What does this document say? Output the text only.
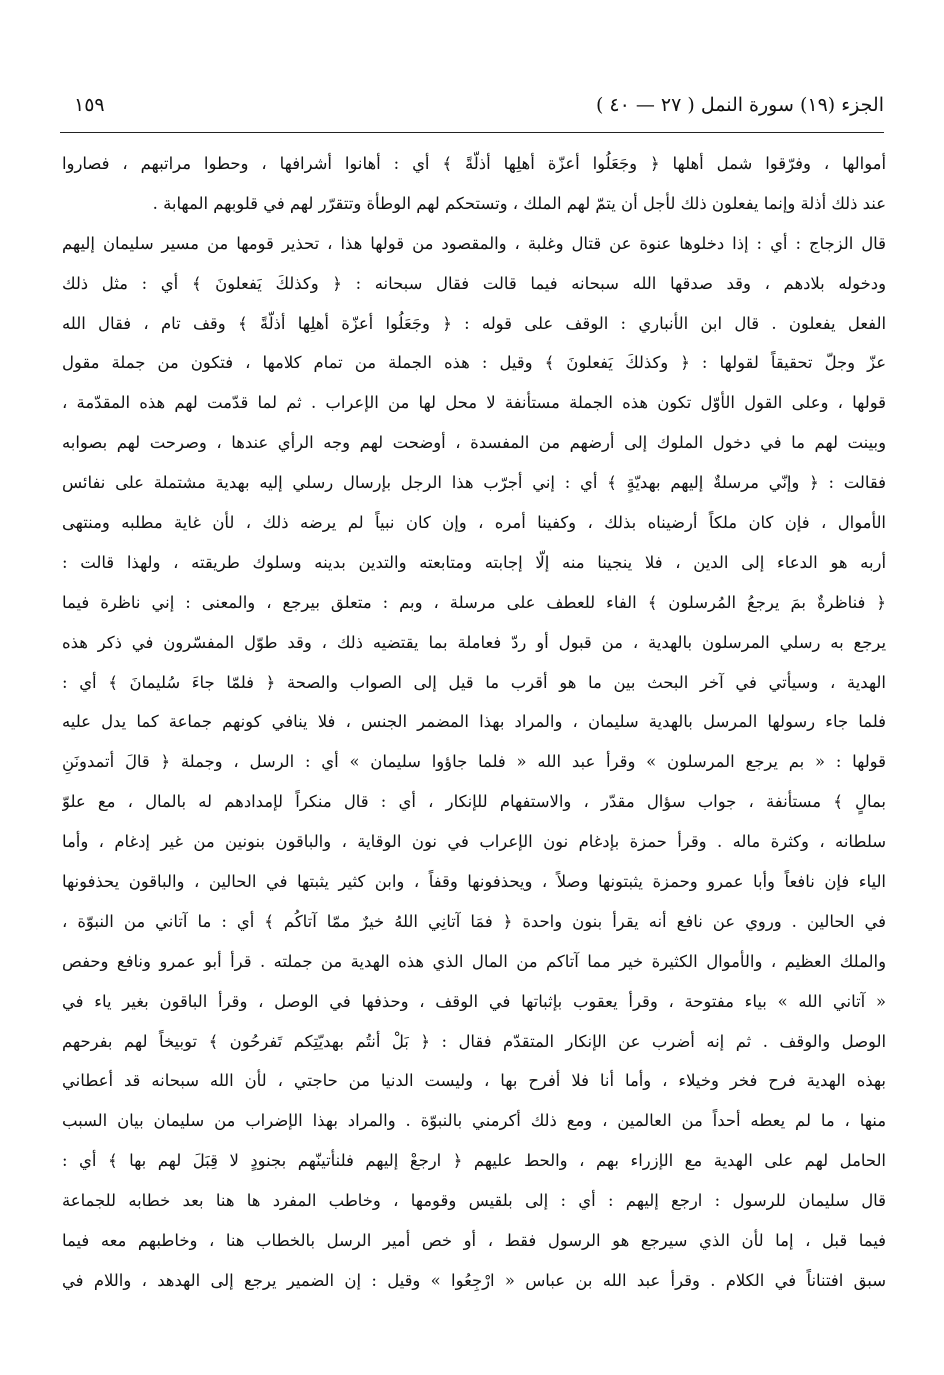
الجزء (١٩) سورة النمل ( ٢٧ — ٤٠ )
١٥٩
أموالها ، وفرّقوا شمل أهلها ﴿ وجَعَلُوا أعزّة أهلِها أذلّةً ﴾ أي : أهانوا أشرافها ، وحطوا مراتبهم ، فصاروا
عند ذلك أذلة وإنما يفعلون ذلك لأجل أن يتمّ لهم الملك ، وتستحكم لهم الوطأة وتتقرّر لهم في قلوبهم المهابة .
قال الزجاج : أي : إذا دخلوها عنوة عن قتال وغلبة ، والمقصود من قولها هذا ، تحذير قومها من مسير سليمان إليهم
ودخوله بلادهم ، وقد صدقها الله سبحانه فيما قالت فقال سبحانه : ﴿ وكذلكَ يَفعلونَ ﴾ أي : مثل ذلك
الفعل يفعلون . قال ابن الأنباري : الوقف على قوله : ﴿ وجَعَلُوا أعزّة أهلِها أذلّةً ﴾ وقف تام ، فقال الله
عزّ وجلّ تحقيقاً لقولها : ﴿ وكذلكَ يَفعلونَ ﴾ وقيل : هذه الجملة من تمام كلامها ، فتكون من جملة مقول
قولها ، وعلى القول الأوّل تكون هذه الجملة مستأنفة لا محل لها من الإعراب . ثم لما قدّمت لهم هذه المقدّمة ،
وبينت لهم ما في دخول الملوك إلى أرضهم من المفسدة ، أوضحت لهم وجه الرأي عندها ، وصرحت لهم بصوابه
فقالت : ﴿ وإنّي مرسلةٌ إليهم بهديّةٍ ﴾ أي : إني أجرّب هذا الرجل بإرسال رسلي إليه بهدية مشتملة على نفائس
الأموال ، فإن كان ملكاً أرضيناه بذلك ، وكفينا أمره ، وإن كان نبياً لم يرضه ذلك ، لأن غاية مطلبه ومنتهى
أربه هو الدعاء إلى الدين ، فلا ينجينا منه إلّا إجابته ومتابعته والتدين بدينه وسلوك طريقته ، ولهذا قالت :
﴿ فناظرةٌ بمَ يرجعُ المُرسلون ﴾ الفاء للعطف على مرسلة ، وبم : متعلق بيرجع ، والمعنى : إني ناظرة فيما
يرجع به رسلي المرسلون بالهدية ، من قبول أو ردّ فعاملة بما يقتضيه ذلك ، وقد طوّل المفسّرون في ذكر هذه
الهدية ، وسيأتي في آخر البحث بين ما هو أقرب ما قيل إلى الصواب والصحة ﴿ فلمّا جاءَ سُليمانَ ﴾ أي :
فلما جاء رسولها المرسل بالهدية سليمان ، والمراد بهذا المضمر الجنس ، فلا ينافي كونهم جماعة كما يدل عليه
قولها : « بم يرجع المرسلون » وقرأ عبد الله « فلما جاؤوا سليمان » أي : الرسل ، وجملة ﴿ قالَ أتمدونَنِ
بمالٍ ﴾ مستأنفة ، جواب سؤال مقدّر ، والاستفهام للإنكار ، أي : قال منكراً لإمدادهم له بالمال ، مع علوّ
سلطانه ، وكثرة ماله . وقرأ حمزة بإدغام نون الإعراب في نون الوقاية ، والباقون بنونين من غير إدغام ، وأما
الياء فإن نافعاً وأبا عمرو وحمزة يثبتونها وصلاً ، ويحذفونها وقفاً ، وابن كثير يثبتها في الحالين ، والباقون يحذفونها
في الحالين . وروي عن نافع أنه يقرأ بنون واحدة ﴿ فمَا آتانِي اللهُ خيرٌ ممّا آتاكُم ﴾ أي : ما آتاني من النبوّة ،
والملك العظيم ، والأموال الكثيرة خير مما آتاكم من المال الذي هذه الهدية من جملته . قرأ أبو عمرو ونافع وحفص
« آتاني الله » بياء مفتوحة ، وقرأ يعقوب بإثباتها في الوقف ، وحذفها في الوصل ، وقرأ الباقون بغير ياء في
الوصل والوقف . ثم إنه أضرب عن الإنكار المتقدّم فقال : ﴿ بَلْ أنتُم بهديّتِكم تَفرحُون ﴾ توبيخاً لهم بفرحهم
بهذه الهدية فرح فخر وخيلاء ، وأما أنا فلا أفرح بها ، وليست الدنيا من حاجتي ، لأن الله سبحانه قد أعطاني
منها ، ما لم يعطه أحداً من العالمين ، ومع ذلك أكرمني بالنبوّة . والمراد بهذا الإضراب من سليمان بيان السبب
الحامل لهم على الهدية مع الإزراء بهم ، والحط عليهم ﴿ ارجعْ إليهم فلنأتينّهم بجنودٍ لا قِبَلَ لهم بها ﴾ أي :
قال سليمان للرسول : ارجع إليهم : أي : إلى بلقيس وقومها ، وخاطب المفرد ها هنا بعد خطابه للجماعة
فيما قبل ، إما لأن الذي سيرجع هو الرسول فقط ، أو خص أمير الرسل بالخطاب هنا ، وخاطبهم معه فيما
سبق افتناناً في الكلام . وقرأ عبد الله بن عباس « ارْجِعُوا » وقيل : إن الضمير يرجع إلى الهدهد ، واللام في
